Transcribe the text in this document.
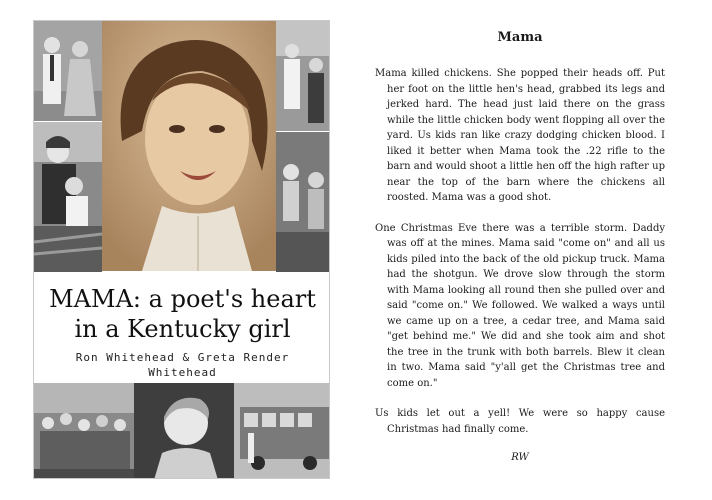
MAMA: a poet's heart in a Kentucky girl
Ron Whitehead & Greta Render Whitehead
Mama

Mama killed chickens. She popped their heads off. Put her foot on the little hen's head, grabbed its legs and jerked hard. The head just laid there on the grass while the little chicken body went flopping all over the yard. Us kids ran like crazy dodging chicken blood. I liked it better when Mama took the .22 rifle to the barn and would shoot a little hen off the high rafter up near the top of the barn where the chickens all roosted. Mama was a good shot.

One Christmas Eve there was a terrible storm. Daddy was off at the mines. Mama said "come on" and all us kids piled into the back of the old pickup truck. Mama had the shotgun. We drove slow through the storm with Mama looking all round then she pulled over and said "come on." We followed. We walked a ways until we came up on a tree, a cedar tree, and Mama said "get behind me." We did and she took aim and shot the tree in the trunk with both barrels. Blew it clean in two. Mama said "y'all get the Christmas tree and come on."

Us kids let out a yell! We were so happy cause Christmas had finally come.

RW
